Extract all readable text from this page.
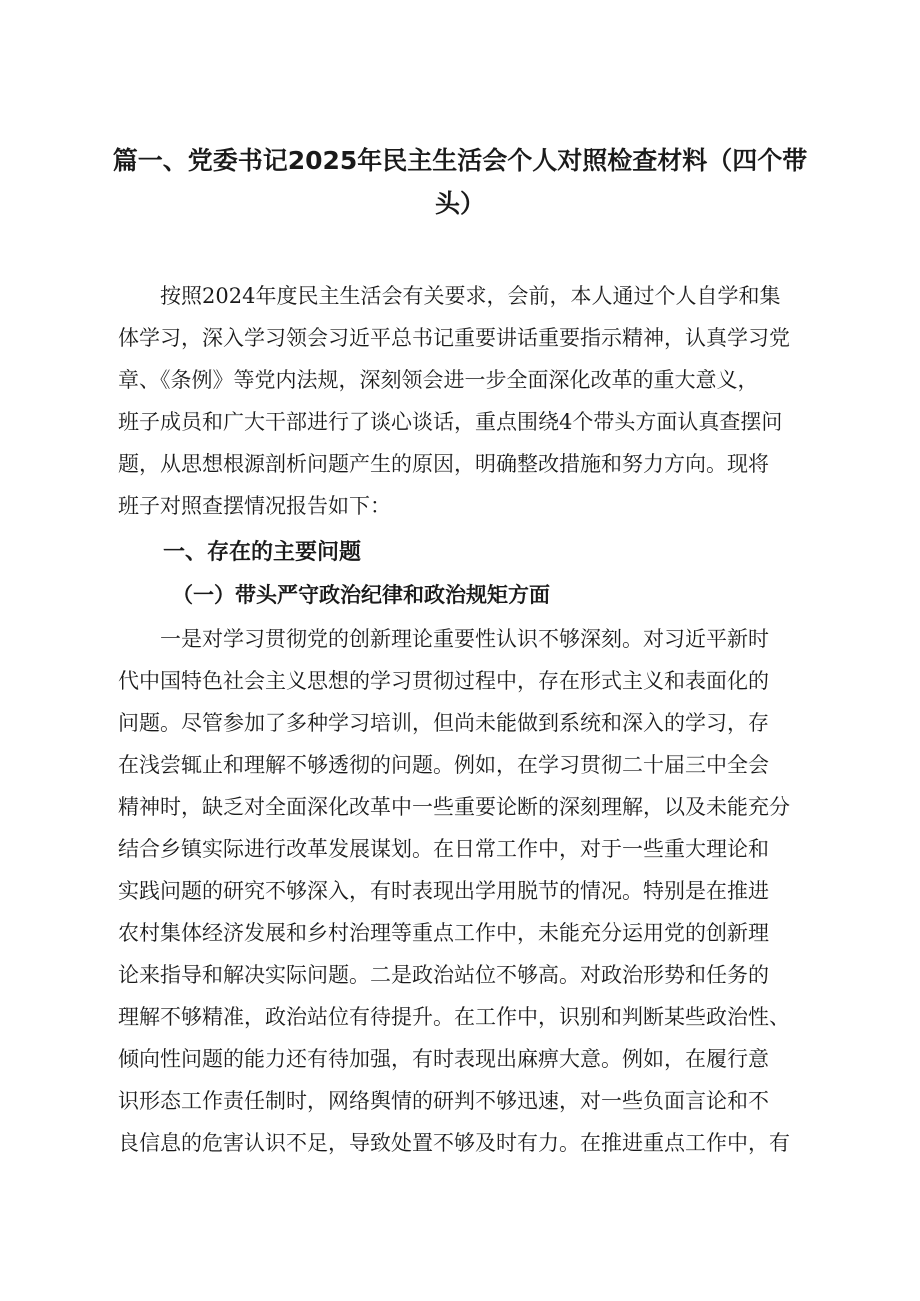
篇一、党委书记2025年民主生活会个人对照检查材料（四个带
头）

　　按照2024年度民主生活会有关要求，会前，本人通过个人自学和集

体学习，深入学习领会习近平总书记重要讲话重要指示精神，认真学习党

章、《条例》等党内法规，深刻领会进一步全面深化改革的重大意义，

班子成员和广大干部进行了谈心谈话，重点围绕4个带头方面认真查摆问

题，从思想根源剖析问题产生的原因，明确整改措施和努力方向。现将

班子对照查摆情况报告如下：

一、存在的主要问题
（一）带头严守政治纪律和政治规矩方面

　　一是对学习贯彻党的创新理论重要性认识不够深刻。对习近平新时

代中国特色社会主义思想的学习贯彻过程中，存在形式主义和表面化的

问题。尽管参加了多种学习培训，但尚未能做到系统和深入的学习，存

在浅尝辄止和理解不够透彻的问题。例如，在学习贯彻二十届三中全会

精神时，缺乏对全面深化改革中一些重要论断的深刻理解，以及未能充分

结合乡镇实际进行改革发展谋划。在日常工作中，对于一些重大理论和

实践问题的研究不够深入，有时表现出学用脱节的情况。特别是在推进

农村集体经济发展和乡村治理等重点工作中，未能充分运用党的创新理

论来指导和解决实际问题。二是政治站位不够高。对政治形势和任务的

理解不够精准，政治站位有待提升。在工作中，识别和判断某些政治性、

倾向性问题的能力还有待加强，有时表现出麻痹大意。例如，在履行意

识形态工作责任制时，网络舆情的研判不够迅速，对一些负面言论和不

良信息的危害认识不足，导致处置不够及时有力。在推进重点工作中，有
